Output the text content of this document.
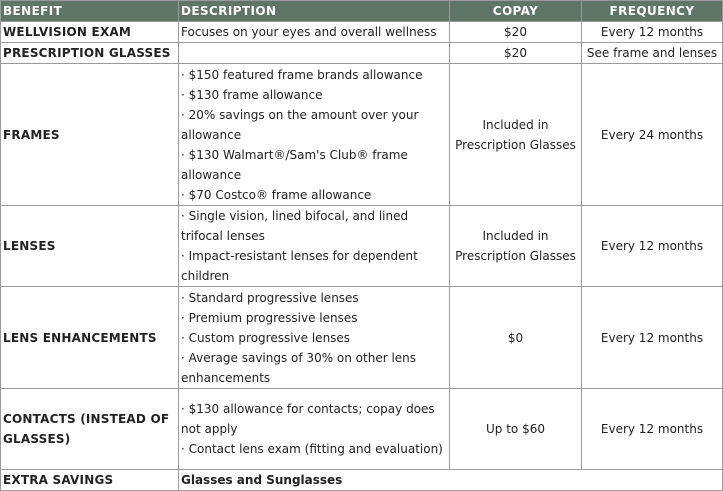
BENEFIT	DESCRIPTION	COPAY	FREQUENCY
WELLVISION EXAM	Focuses on your eyes and overall wellness	$20	Every 12 months
PRESCRIPTION GLASSES		$20	See frame and lenses
FRAMES	· $150 featured frame brands allowance
· $130 frame allowance
· 20% savings on the amount over your allowance
· $130 Walmart®/Sam's Club® frame allowance
· $70 Costco® frame allowance	Included in Prescription Glasses	Every 24 months
LENSES	· Single vision, lined bifocal, and lined trifocal lenses
· Impact-resistant lenses for dependent children	Included in Prescription Glasses	Every 12 months
LENS ENHANCEMENTS	· Standard progressive lenses
· Premium progressive lenses
· Custom progressive lenses
· Average savings of 30% on other lens enhancements	$0	Every 12 months
CONTACTS (INSTEAD OF GLASSES)	· $130 allowance for contacts; copay does not apply
· Contact lens exam (fitting and evaluation)	Up to $60	Every 12 months
EXTRA SAVINGS	Glasses and Sunglasses		
